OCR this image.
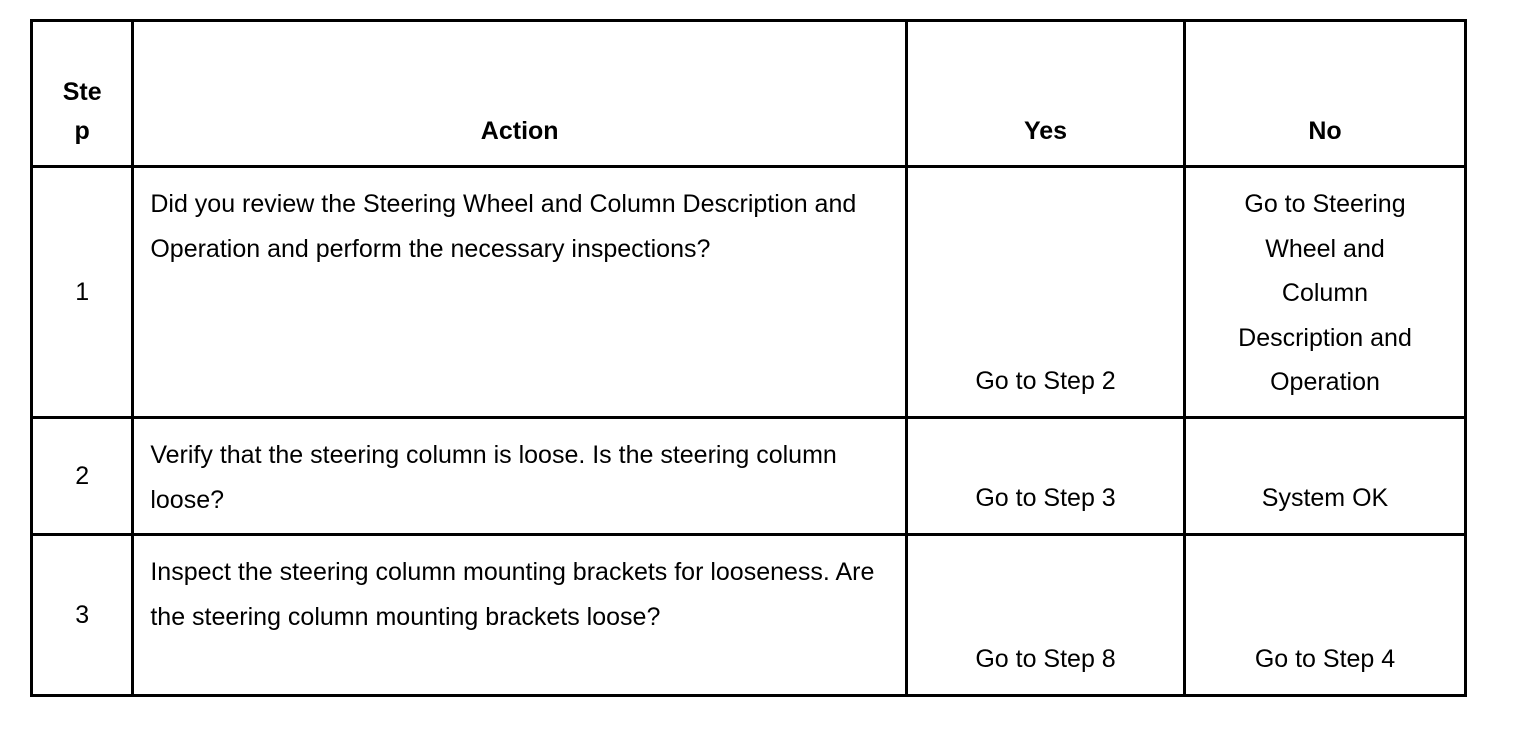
Step	Action	Yes	No
1	Did you review the Steering Wheel and Column Description and Operation and perform the necessary inspections?	Go to Step 2	Go to Steering Wheel and Column Description and Operation
2	Verify that the steering column is loose. Is the steering column loose?	Go to Step 3	System OK
3	Inspect the steering column mounting brackets for looseness. Are the steering column mounting brackets loose?	Go to Step 8	Go to Step 4
